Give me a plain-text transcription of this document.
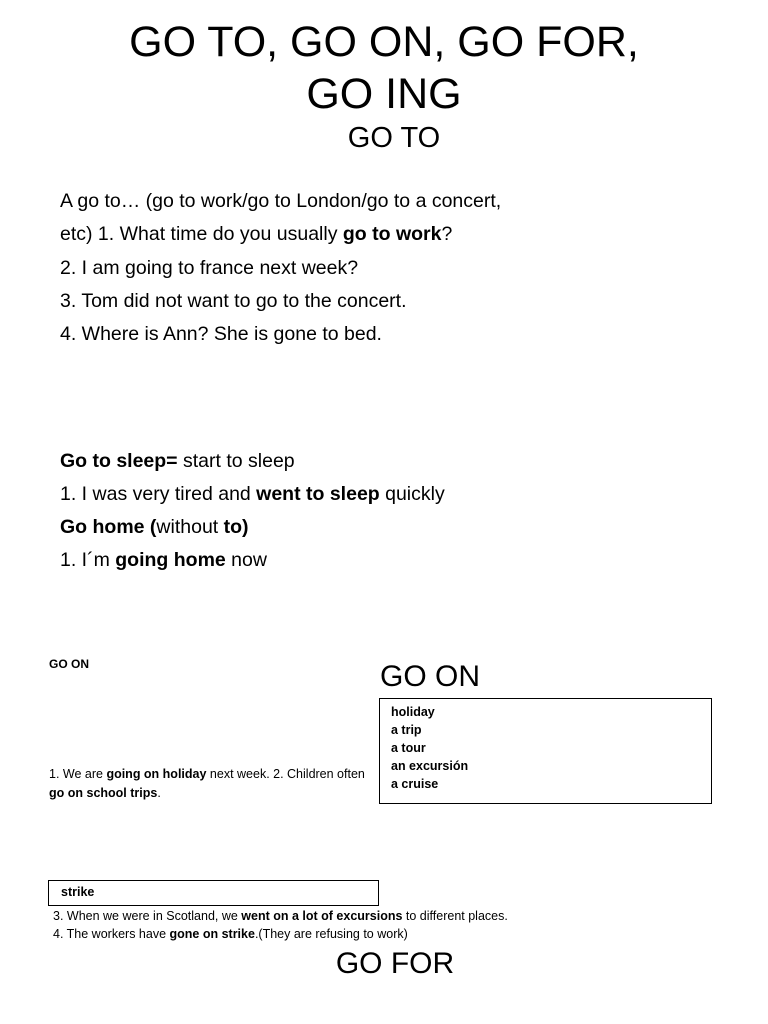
GO TO, GO ON, GO FOR,
GO ING
GO TO
A go to… (go to work/go to London/go to a concert,
etc) 1. What time do you usually go to work?
2. I am going to france next week?
3. Tom did not want to go to the concert.
4. Where is Ann? She is gone to bed.
Go to sleep= start to sleep
1. I was very tired and went to sleep quickly
Go home (without to)
1. I´m going home now
GO ON	GO ON
holiday
a trip
a tour
an excursión
a cruise
1. We are going on holiday next week. 2. Children often go on school trips.
strike
3. When we were in Scotland, we went on a lot of excursions to different places.
4. The workers have gone on strike.(They are refusing to work)
GO FOR
